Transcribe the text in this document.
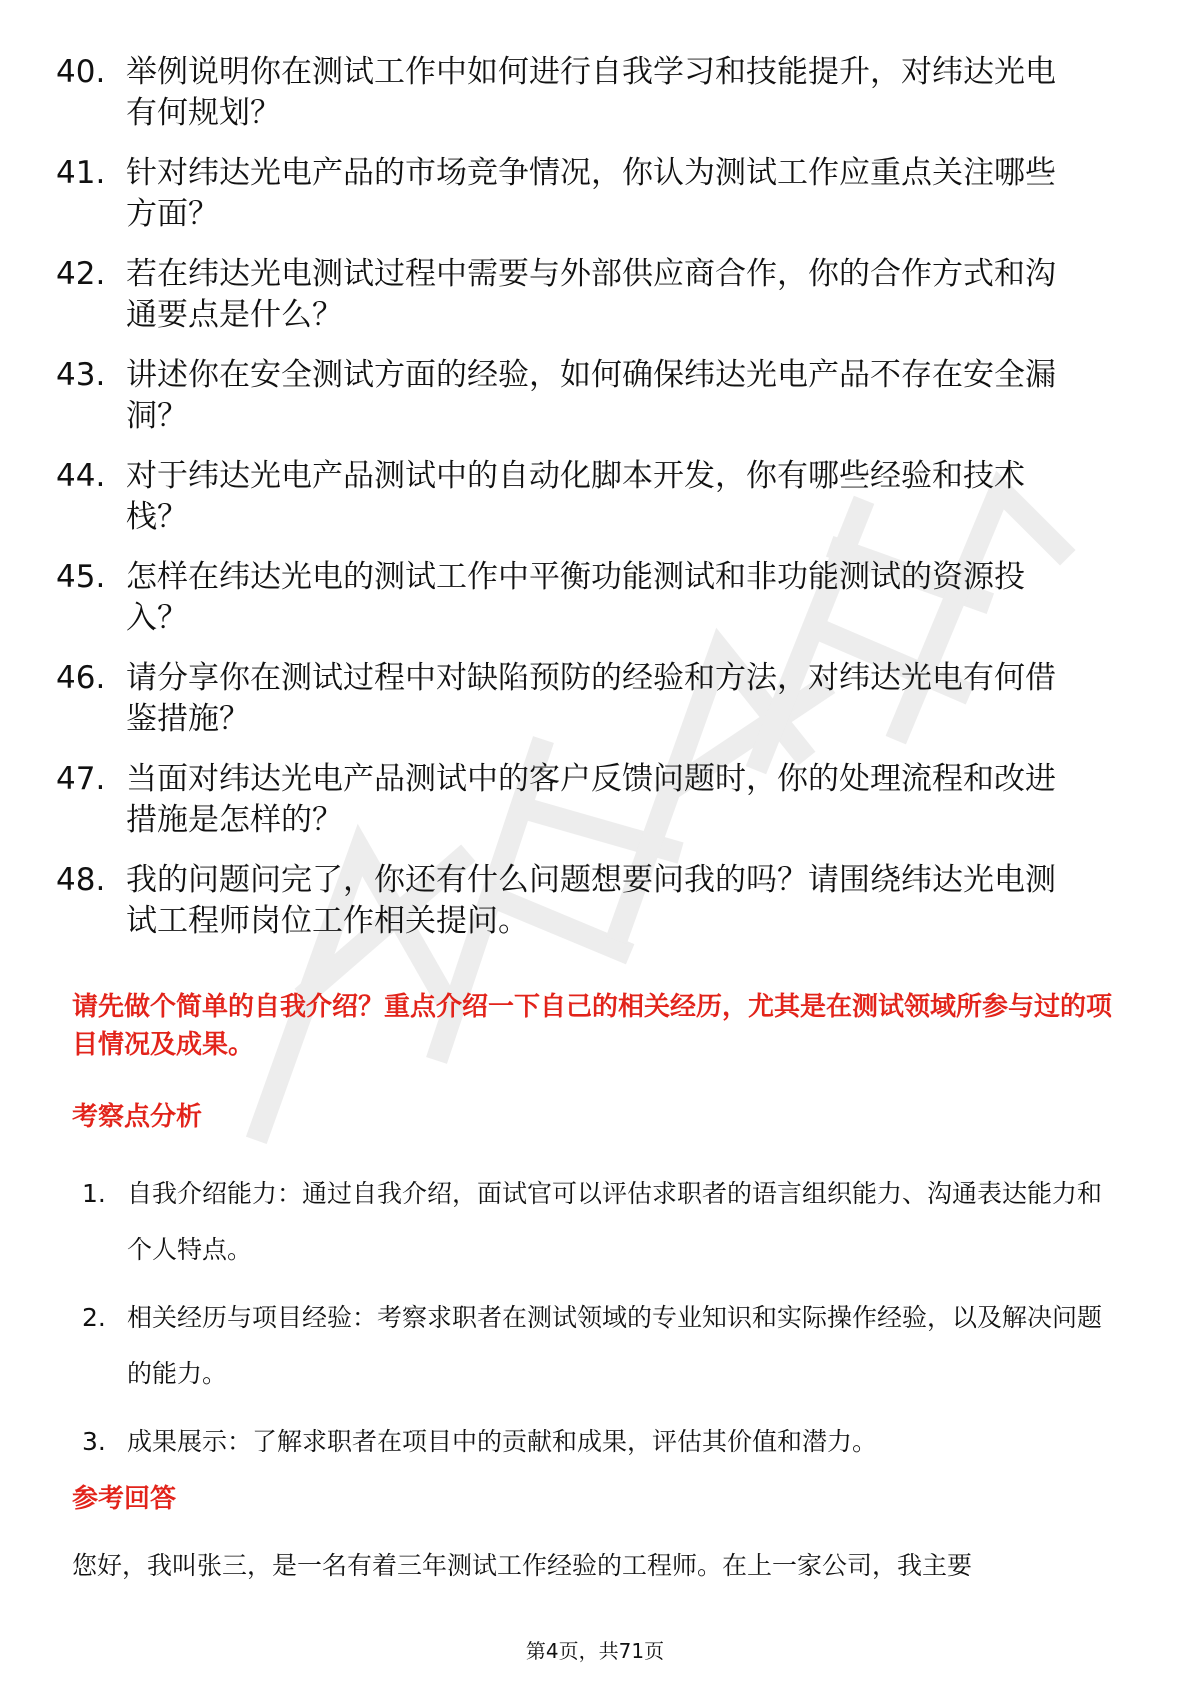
40. 举例说明你在测试工作中如何进行自我学习和技能提升，对纬达光电有何规划？
41. 针对纬达光电产品的市场竞争情况，你认为测试工作应重点关注哪些方面？
42. 若在纬达光电测试过程中需要与外部供应商合作，你的合作方式和沟通要点是什么？
43. 讲述你在安全测试方面的经验，如何确保纬达光电产品不存在安全漏洞？
44. 对于纬达光电产品测试中的自动化脚本开发，你有哪些经验和技术栈？
45. 怎样在纬达光电的测试工作中平衡功能测试和非功能测试的资源投入？
46. 请分享你在测试过程中对缺陷预防的经验和方法，对纬达光电有何借鉴措施？
47. 当面对纬达光电产品测试中的客户反馈问题时，你的处理流程和改进措施是怎样的？
48. 我的问题问完了，你还有什么问题想要问我的吗？请围绕纬达光电测试工程师岗位工作相关提问。
请先做个简单的自我介绍？重点介绍一下自己的相关经历，尤其是在测试领域所参与过的项目情况及成果。
考察点分析
1. 自我介绍能力：通过自我介绍，面试官可以评估求职者的语言组织能力、沟通表达能力和个人特点。
2. 相关经历与项目经验：考察求职者在测试领域的专业知识和实际操作经验，以及解决问题的能力。
3. 成果展示：了解求职者在项目中的贡献和成果，评估其价值和潜力。
参考回答
您好，我叫张三，是一名有着三年测试工作经验的工程师。在上一家公司，我主要
第4页，共71页
